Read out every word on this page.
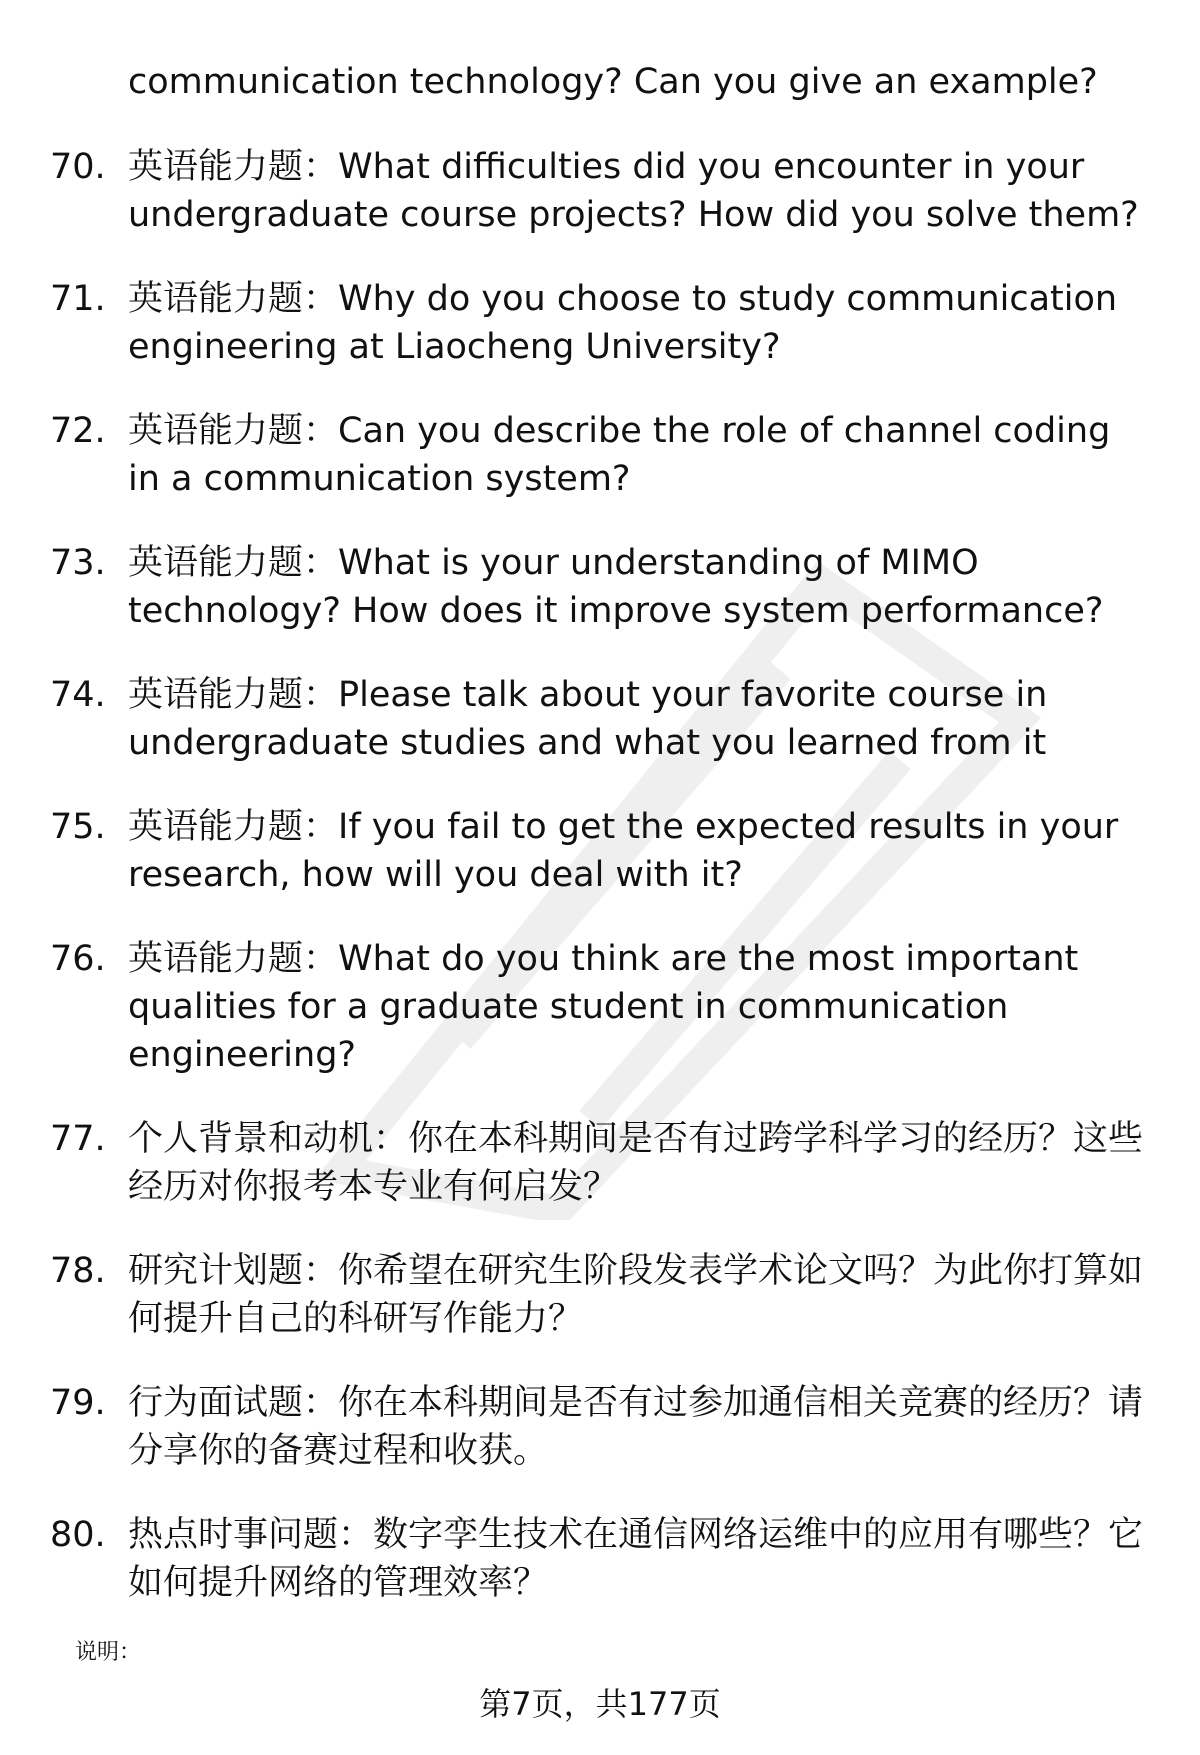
communication technology? Can you give an example?

70. 英语能力题：What difficulties did you encounter in your undergraduate course projects? How did you solve them?
71. 英语能力题：Why do you choose to study communication engineering at Liaocheng University?
72. 英语能力题：Can you describe the role of channel coding in a communication system?
73. 英语能力题：What is your understanding of MIMO technology? How does it improve system performance?
74. 英语能力题：Please talk about your favorite course in undergraduate studies and what you learned from it
75. 英语能力题：If you fail to get the expected results in your research, how will you deal with it?
76. 英语能力题：What do you think are the most important qualities for a graduate student in communication engineering?
77. 个人背景和动机：你在本科期间是否有过跨学科学习的经历？这些经历对你报考本专业有何启发？
78. 研究计划题：你希望在研究生阶段发表学术论文吗？为此你打算如何提升自己的科研写作能力？
79. 行为面试题：你在本科期间是否有过参加通信相关竞赛的经历？请分享你的备赛过程和收获。
80. 热点时事问题：数字孪生技术在通信网络运维中的应用有哪些？它如何提升网络的管理效率？
说明：
第7页，共177页
